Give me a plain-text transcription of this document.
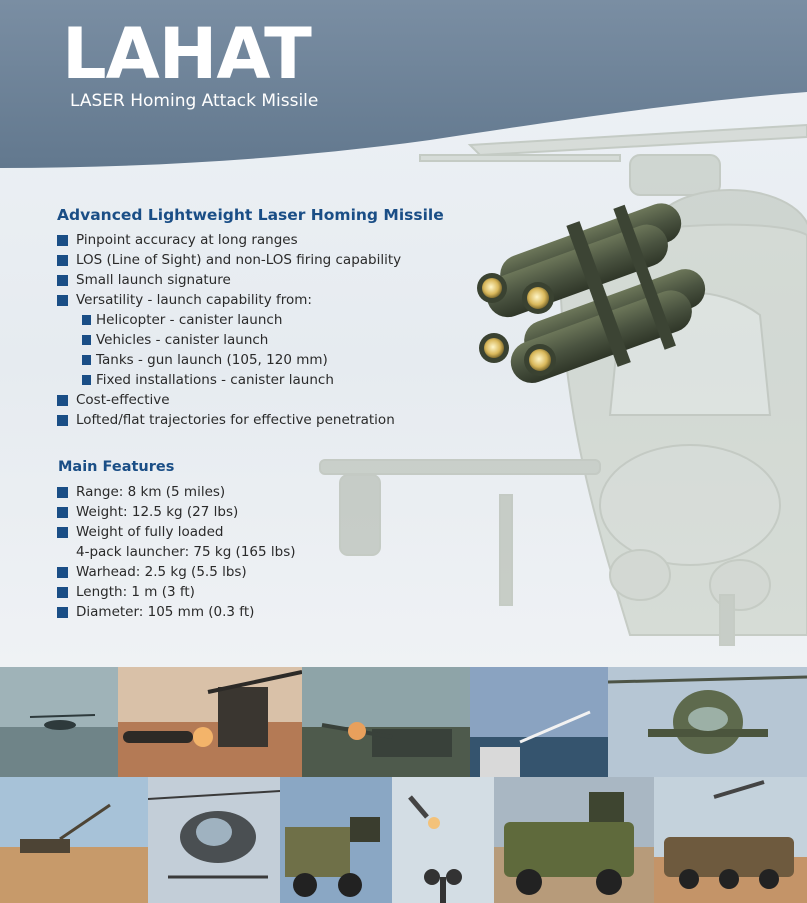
LAHAT

LASER Homing Attack Missile

Advanced Lightweight Laser Homing Missile
Pinpoint accuracy at long ranges
LOS (Line of Sight) and non-LOS firing capability
Small launch signature
Versatility - launch capability from:
Helicopter - canister launch
Vehicles - canister launch
Tanks - gun launch (105, 120 mm)
Fixed installations - canister launch
Cost-effective
Lofted/flat trajectories for effective penetration
Main Features
Range: 8 km (5 miles)
Weight: 12.5 kg (27 lbs)
Weight of fully loaded
4-pack launcher: 75 kg (165 lbs)
Warhead: 2.5 kg (5.5 lbs)
Length: 1 m (3 ft)
Diameter: 105 mm (0.3 ft)
